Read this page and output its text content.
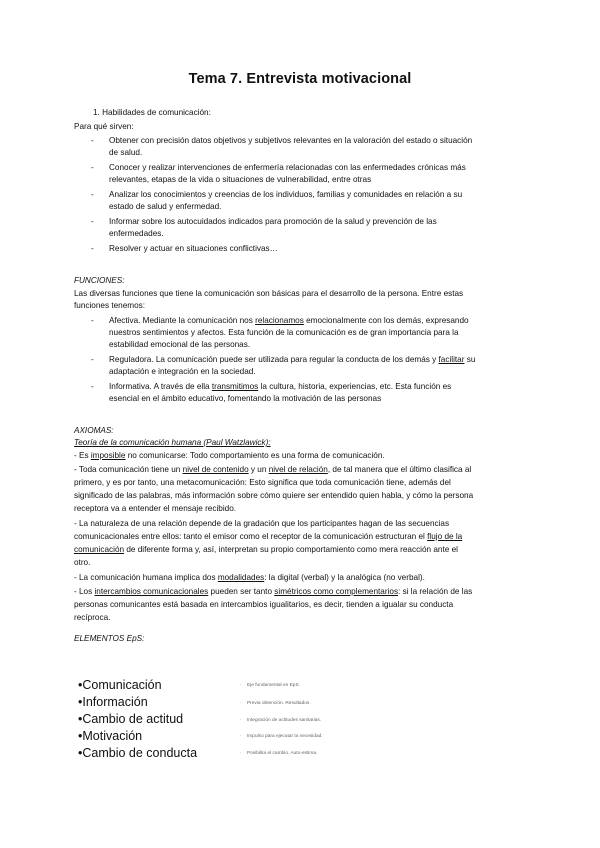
Tema 7. Entrevista motivacional
1. Habilidades de comunicación:
Para qué sirven:
- Obtener con precisión datos objetivos y subjetivos relevantes en la valoración del estado o situación
de salud.
- Conocer y realizar intervenciones de enfermería relacionadas con las enfermedades crónicas más
relevantes, etapas de la vida o situaciones de vulnerabilidad, entre otras
- Analizar los conocimientos y creencias de los individuos, familias y comunidades en relación a su
estado de salud y enfermedad.
- Informar sobre los autocuidados indicados para promoción de la salud y prevención de las
enfermedades.
- Resolver y actuar en situaciones conflictivas…
FUNCIONES:
Las diversas funciones que tiene la comunicación son básicas para el desarrollo de la persona. Entre estas
funciones tenemos:
- Afectiva. Mediante la comunicación nos relacionamos emocionalmente con los demás, expresando
nuestros sentimientos y afectos. Esta función de la comunicación es de gran importancia para la
estabilidad emocional de las personas.
- Reguladora. La comunicación puede ser utilizada para regular la conducta de los demás y facilitar su
adaptación e integración en la sociedad.
- Informativa. A través de ella transmitimos la cultura, historia, experiencias, etc. Esta función es
esencial en el ámbito educativo, fomentando la motivación de las personas
AXIOMAS:
Teoría de la comunicación humana (Paul Watzlawick):
- Es imposible no comunicarse: Todo comportamiento es una forma de comunicación.
- Toda comunicación tiene un nivel de contenido y un nivel de relación, de tal manera que el último clasifica al
primero, y es por tanto, una metacomunicación: Esto significa que toda comunicación tiene, además del
significado de las palabras, más información sobre cómo quiere ser entendido quien habla, y cómo la persona
receptora va a entender el mensaje recibido.
- La naturaleza de una relación depende de la gradación que los participantes hagan de las secuencias
comunicacionales entre ellos: tanto el emisor como el receptor de la comunicación estructuran el flujo de la
comunicación de diferente forma y, así, interpretan su propio comportamiento como mera reacción ante el
otro.
- La comunicación humana implica dos modalidades: la digital (verbal) y la analógica (no verbal).
- Los intercambios comunicacionales pueden ser tanto simétricos como complementarios: si la relación de las
personas comunicantes está basada en intercambios igualitarios, es decir, tienden a igualar su conducta
recíproca.
ELEMENTOS EpS:
•Comunicación
•Información
•Cambio de actitud
•Motivación
•Cambio de conducta
·    Eje fundamental en EpS.
·    Previa obtención. Resultados.
·    Integración de actitudes sanitarias.
·    Impulso para ejecutar la necesidad.
·    Posibilita el cambio. Auto-estima.
